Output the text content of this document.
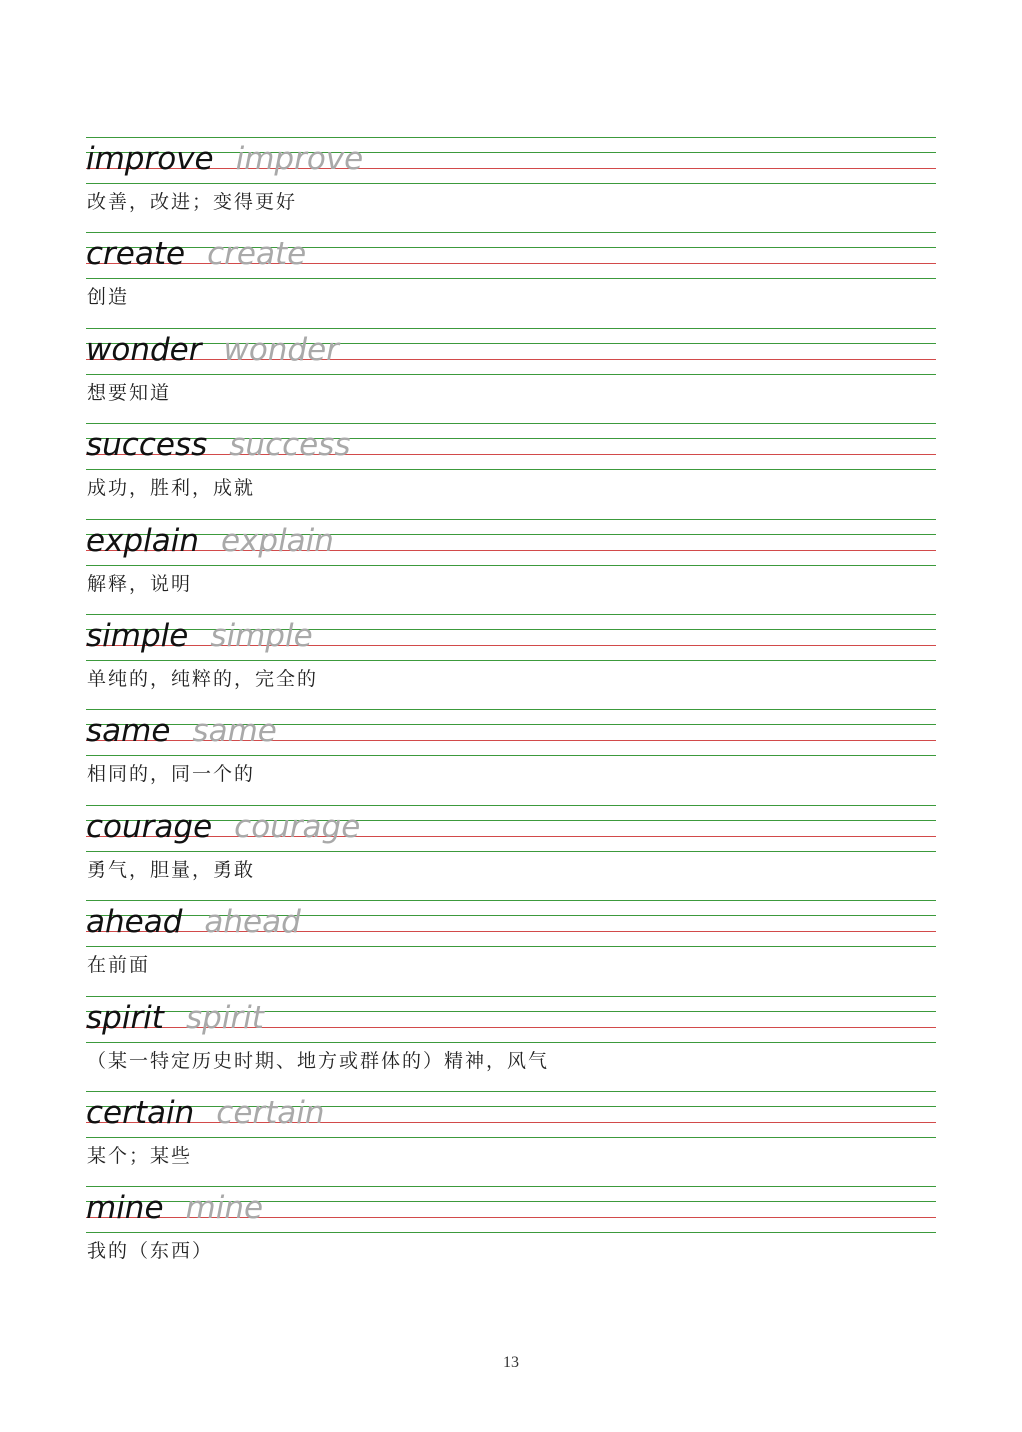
improve improve
改善，改进；变得更好
create create
创造
wonder wonder
想要知道
success success
成功，胜利，成就
explain explain
解释，说明
simple simple
单纯的，纯粹的，完全的
same same
相同的，同一个的
courage courage
勇气，胆量，勇敢
ahead ahead
在前面
spirit spirit
（某一特定历史时期、地方或群体的）精神，风气
certain certain
某个；某些
mine mine
我的（东西）
13
